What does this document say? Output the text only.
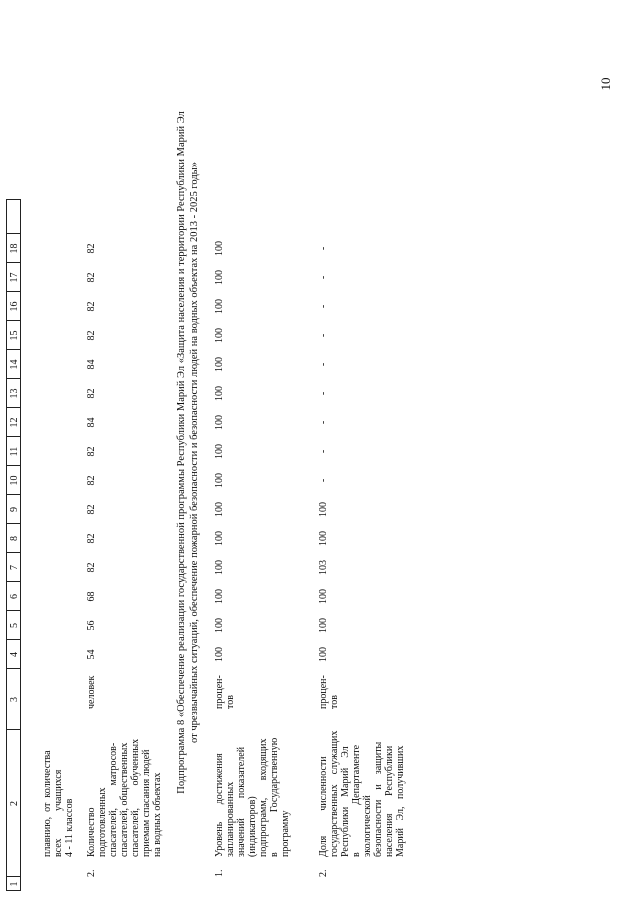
10
1
2
3
4
5
6
7
8
9
10
11
12
13
14
15
16
17
18
плавнию,  от  количества всех           учащихся 4 - 11 классов
2.
Количество подготовленных спасателей,         матросов- спасателей, общественных спасателей,         обученных приемам спасания людей на водных объектах
человек
54
56
68
82
82
82
82
82
84
82
84
82
82
82
82	Подпрограмма 8 «Обеспечение реализации государственной программы Республики Марий Эл «Защита населения и территории Республики Марий Эл от чрезвычайных ситуаций, обеспечение пожарной безопасности и безопасности людей на водных объектах на 2013 - 2025 годы»
1.
Уровень       достижения запланированных значений        показателей (индикаторов) подпрограмм,       входящих в                Государственную программу
процен- тов
100
100
100
100
100
100
100
100
100
100
100
100
100
100
100
2.
Доля          численности государственных    служащих Республики    Марий    Эл в                   Департаменте экологической безопасности    и    защиты населения       Республики Марий   Эл,   получивших
процен- тов
100
100
100
103
100
100
-
-
-
-
-
-
-
-
-
